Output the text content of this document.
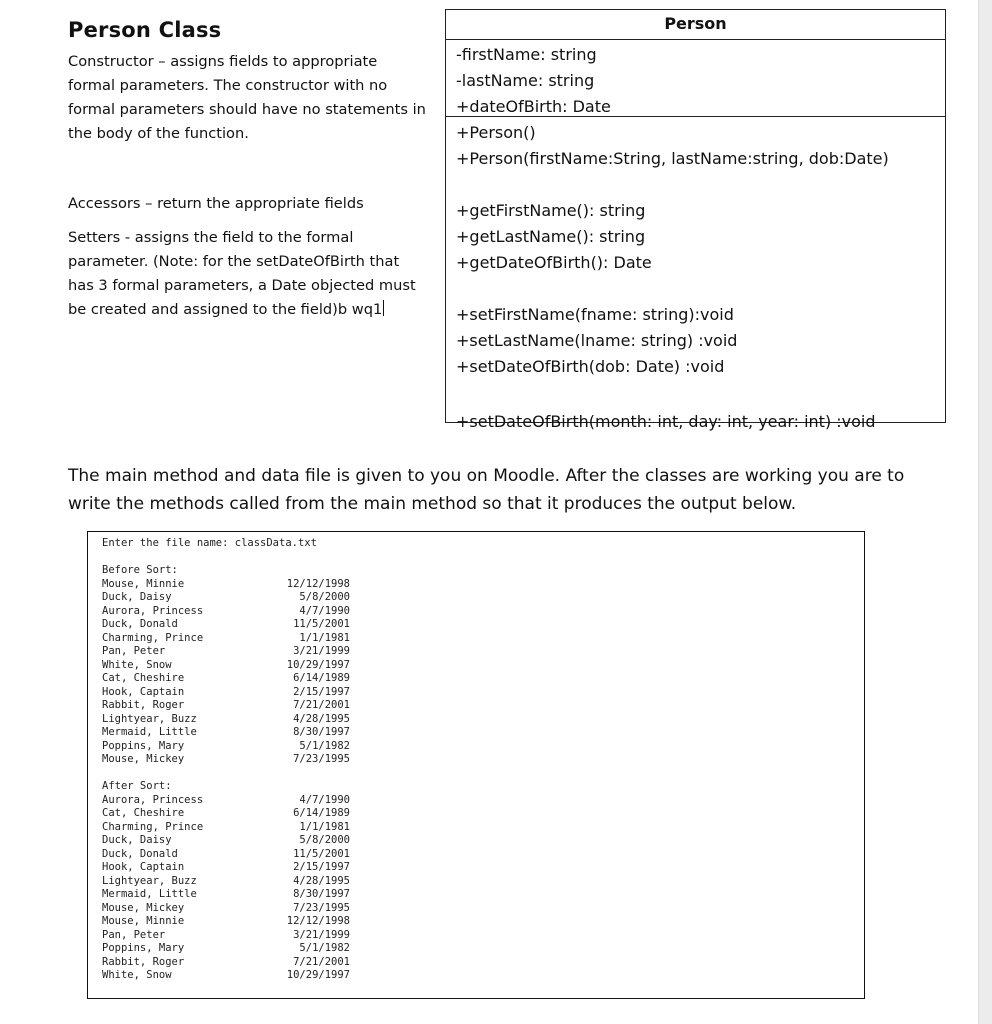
Person Class

Constructor – assigns fields to appropriate formal parameters. The constructor with no formal parameters should have no statements in the body of the function.

Accessors – return the appropriate fields

Setters - assigns the field to the formal parameter. (Note: for the setDateOfBirth that has 3 formal parameters, a Date objected must be created and assigned to the field)b wq1

Person
-firstName: string
-lastName: string
+dateOfBirth: Date
+Person()
+Person(firstName:String, lastName:string, dob:Date)
+getFirstName(): string
+getLastName(): string
+getDateOfBirth(): Date
+setFirstName(fname: string):void
+setLastName(lname: string) :void
+setDateOfBirth(dob: Date) :void
+setDateOfBirth(month: int, day: int, year: int) :void

The main method and data file is given to you on Moodle. After the classes are working you are to write the methods called from the main method so that it produces the output below.

Enter the file name: classData.txt
Before Sort:
Mouse, Minnie	12/12/1998
Duck, Daisy	5/8/2000
Aurora, Princess	4/7/1990
Duck, Donald	11/5/2001
Charming, Prince	1/1/1981
Pan, Peter	3/21/1999
White, Snow	10/29/1997
Cat, Cheshire	6/14/1989
Hook, Captain	2/15/1997
Rabbit, Roger	7/21/2001
Lightyear, Buzz	4/28/1995
Mermaid, Little	8/30/1997
Poppins, Mary	5/1/1982
Mouse, Mickey	7/23/1995
After Sort:
Aurora, Princess	4/7/1990
Cat, Cheshire	6/14/1989
Charming, Prince	1/1/1981
Duck, Daisy	5/8/2000
Duck, Donald	11/5/2001
Hook, Captain	2/15/1997
Lightyear, Buzz	4/28/1995
Mermaid, Little	8/30/1997
Mouse, Mickey	7/23/1995
Mouse, Minnie	12/12/1998
Pan, Peter	3/21/1999
Poppins, Mary	5/1/1982
Rabbit, Roger	7/21/2001
White, Snow	10/29/1997
